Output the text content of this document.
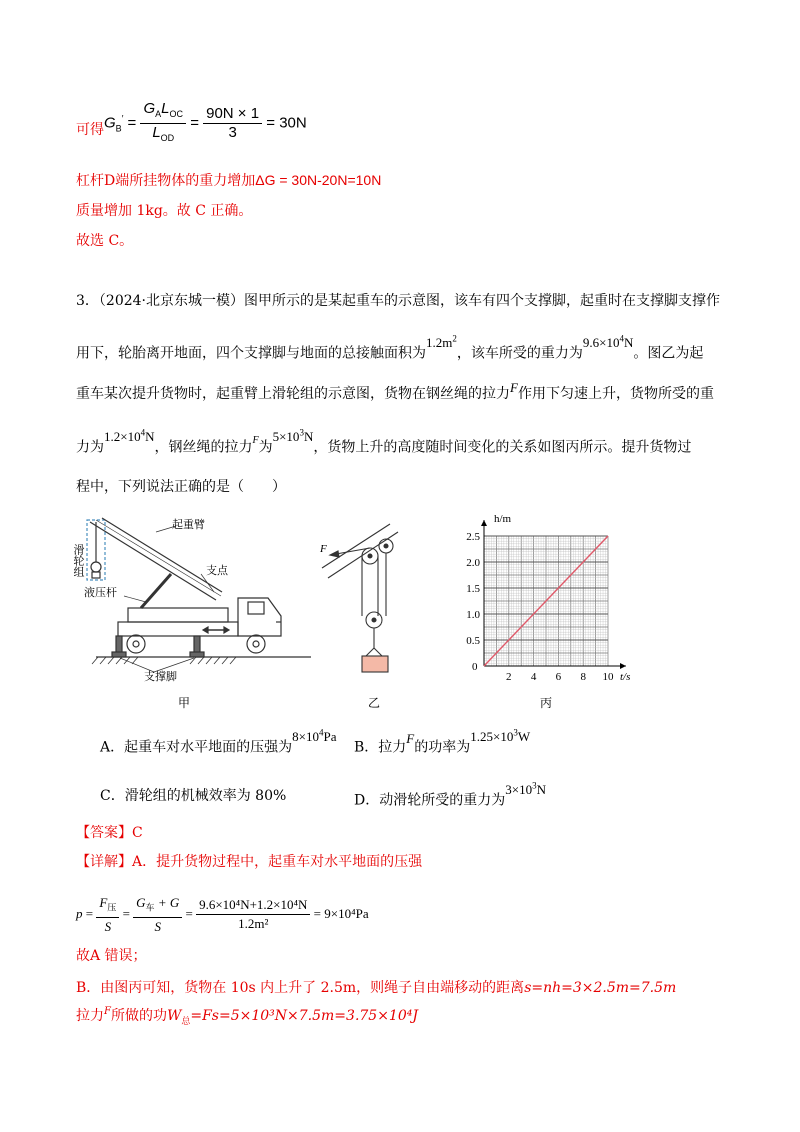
可得 $G_B' = \frac{G_AL_{OC}}{L_{OD}} = \frac{90N \times 1}{3} = 30N$
杠杆D端所挂物体的重力增加ΔG = 30N-20N=10N
质量增加 1kg。故 C 正确。
故选 C。
3．（2024·北京东城一模）图甲所示的是某起重车的示意图，该车有四个支撑脚，起重时在支撑脚支撑作
用下，轮胎离开地面，四个支撑脚与地面的总接触面积为$1.2m^2$，该车所受的重力为$9.6\times 10^4N$。图乙为起
重车某次提升货物时，起重臂上滑轮组的示意图，货物在钢丝绳的拉力F作用下匀速上升，货物所受的重
力为$1.2\times 10^4N$，钢丝绳的拉力$^F$为$5\times 10^3N$，货物上升的高度随时间变化的关系如图丙所示。提升货物过
程中，下列说法正确的是（　　）
滑轮组
起重臂
支点
液压杆
支撑脚
甲
F
乙
2 4 6 8 10
0.5
1.0
1.5
2.0
2.5
h/m
t/s
0
丙
A．起重车对水平地面的压强为$8\times 10^4Pa$
B．拉力F的功率为$1.25\times 10^3W$
C．滑轮组的机械效率为 80%	D．动滑轮所受的重力为$3\times 10^3N$
【答案】C
【详解】A．提升货物过程中，起重车对水平地面的压强
$p = \frac{F_压}{S} = \frac{G_车 + G}{S} = \frac{\text{9.6×10⁴N+1.2×10⁴N}}{\text{1.2m²}} = 9\times 10^4Pa$
故A 错误；
B．由图丙可知，货物在 10s 内上升了 2.5m，则绳子自由端移动的距离s=nh=3×2.5m=7.5m
拉力$^F$所做的功$W_总=Fs=5\times 10^3N\times 7.5m=3.75\times 10^4J$
